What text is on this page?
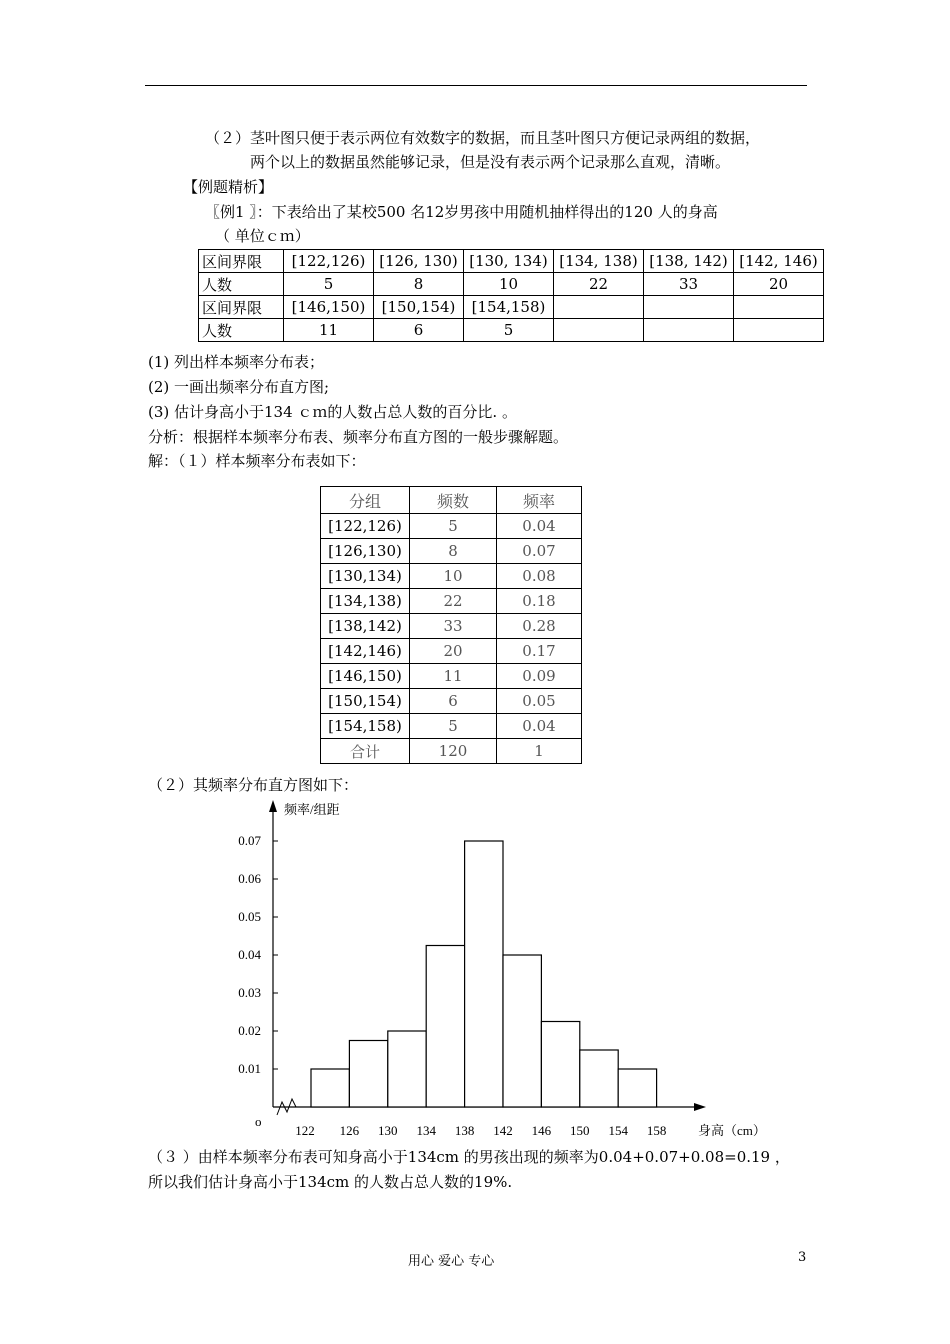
（２）茎叶图只便于表示两位有效数字的数据，而且茎叶图只方便记录两组的数据，
两个以上的数据虽然能够记录，但是没有表示两个记录那么直观，清晰。
【例题精析】
〖例1 〗：下表给出了某校500 名12岁男孩中用随机抽样得出的120 人的身高
（ 单位ｃｍ）
区间界限	[122,126)	[126, 130)	[130, 134)	[134, 138)	[138, 142)	[142, 146)
人数	5	8	10	22	33	20
区间界限	[146,150)	[150,154)	[154,158)			
人数	11	6	5			
(1) 列出样本频率分布表；
(2) 一画出频率分布直方图;
(3) 估计身高小于134 ｃｍ的人数占总人数的百分比. 。
分析：根据样本频率分布表、频率分布直方图的一般步骤解题。
解：（１）样本频率分布表如下：
分组	频数	频率
[122,126)	5	0.04
[126,130)	8	0.07
[130,134)	10	0.08
[134,138)	22	0.18
[138,142)	33	0.28
[142,146)	20	0.17
[146,150)	11	0.09
[150,154)	6	0.05
[154,158)	5	0.04
合计	120	1
（２）其频率分布直方图如下：
频率/组距
o
身高（cm）
0.01
0.02
0.03
0.04
0.05
0.06
0.07
122 126 130 134 138 142 146 150 154 158
（３ ）由样本频率分布表可知身高小于134cm 的男孩出现的频率为0.04+0.07+0.08=0.19 ，
所以我们估计身高小于134cm 的人数占总人数的19%.
用心 爱心 专心	3
